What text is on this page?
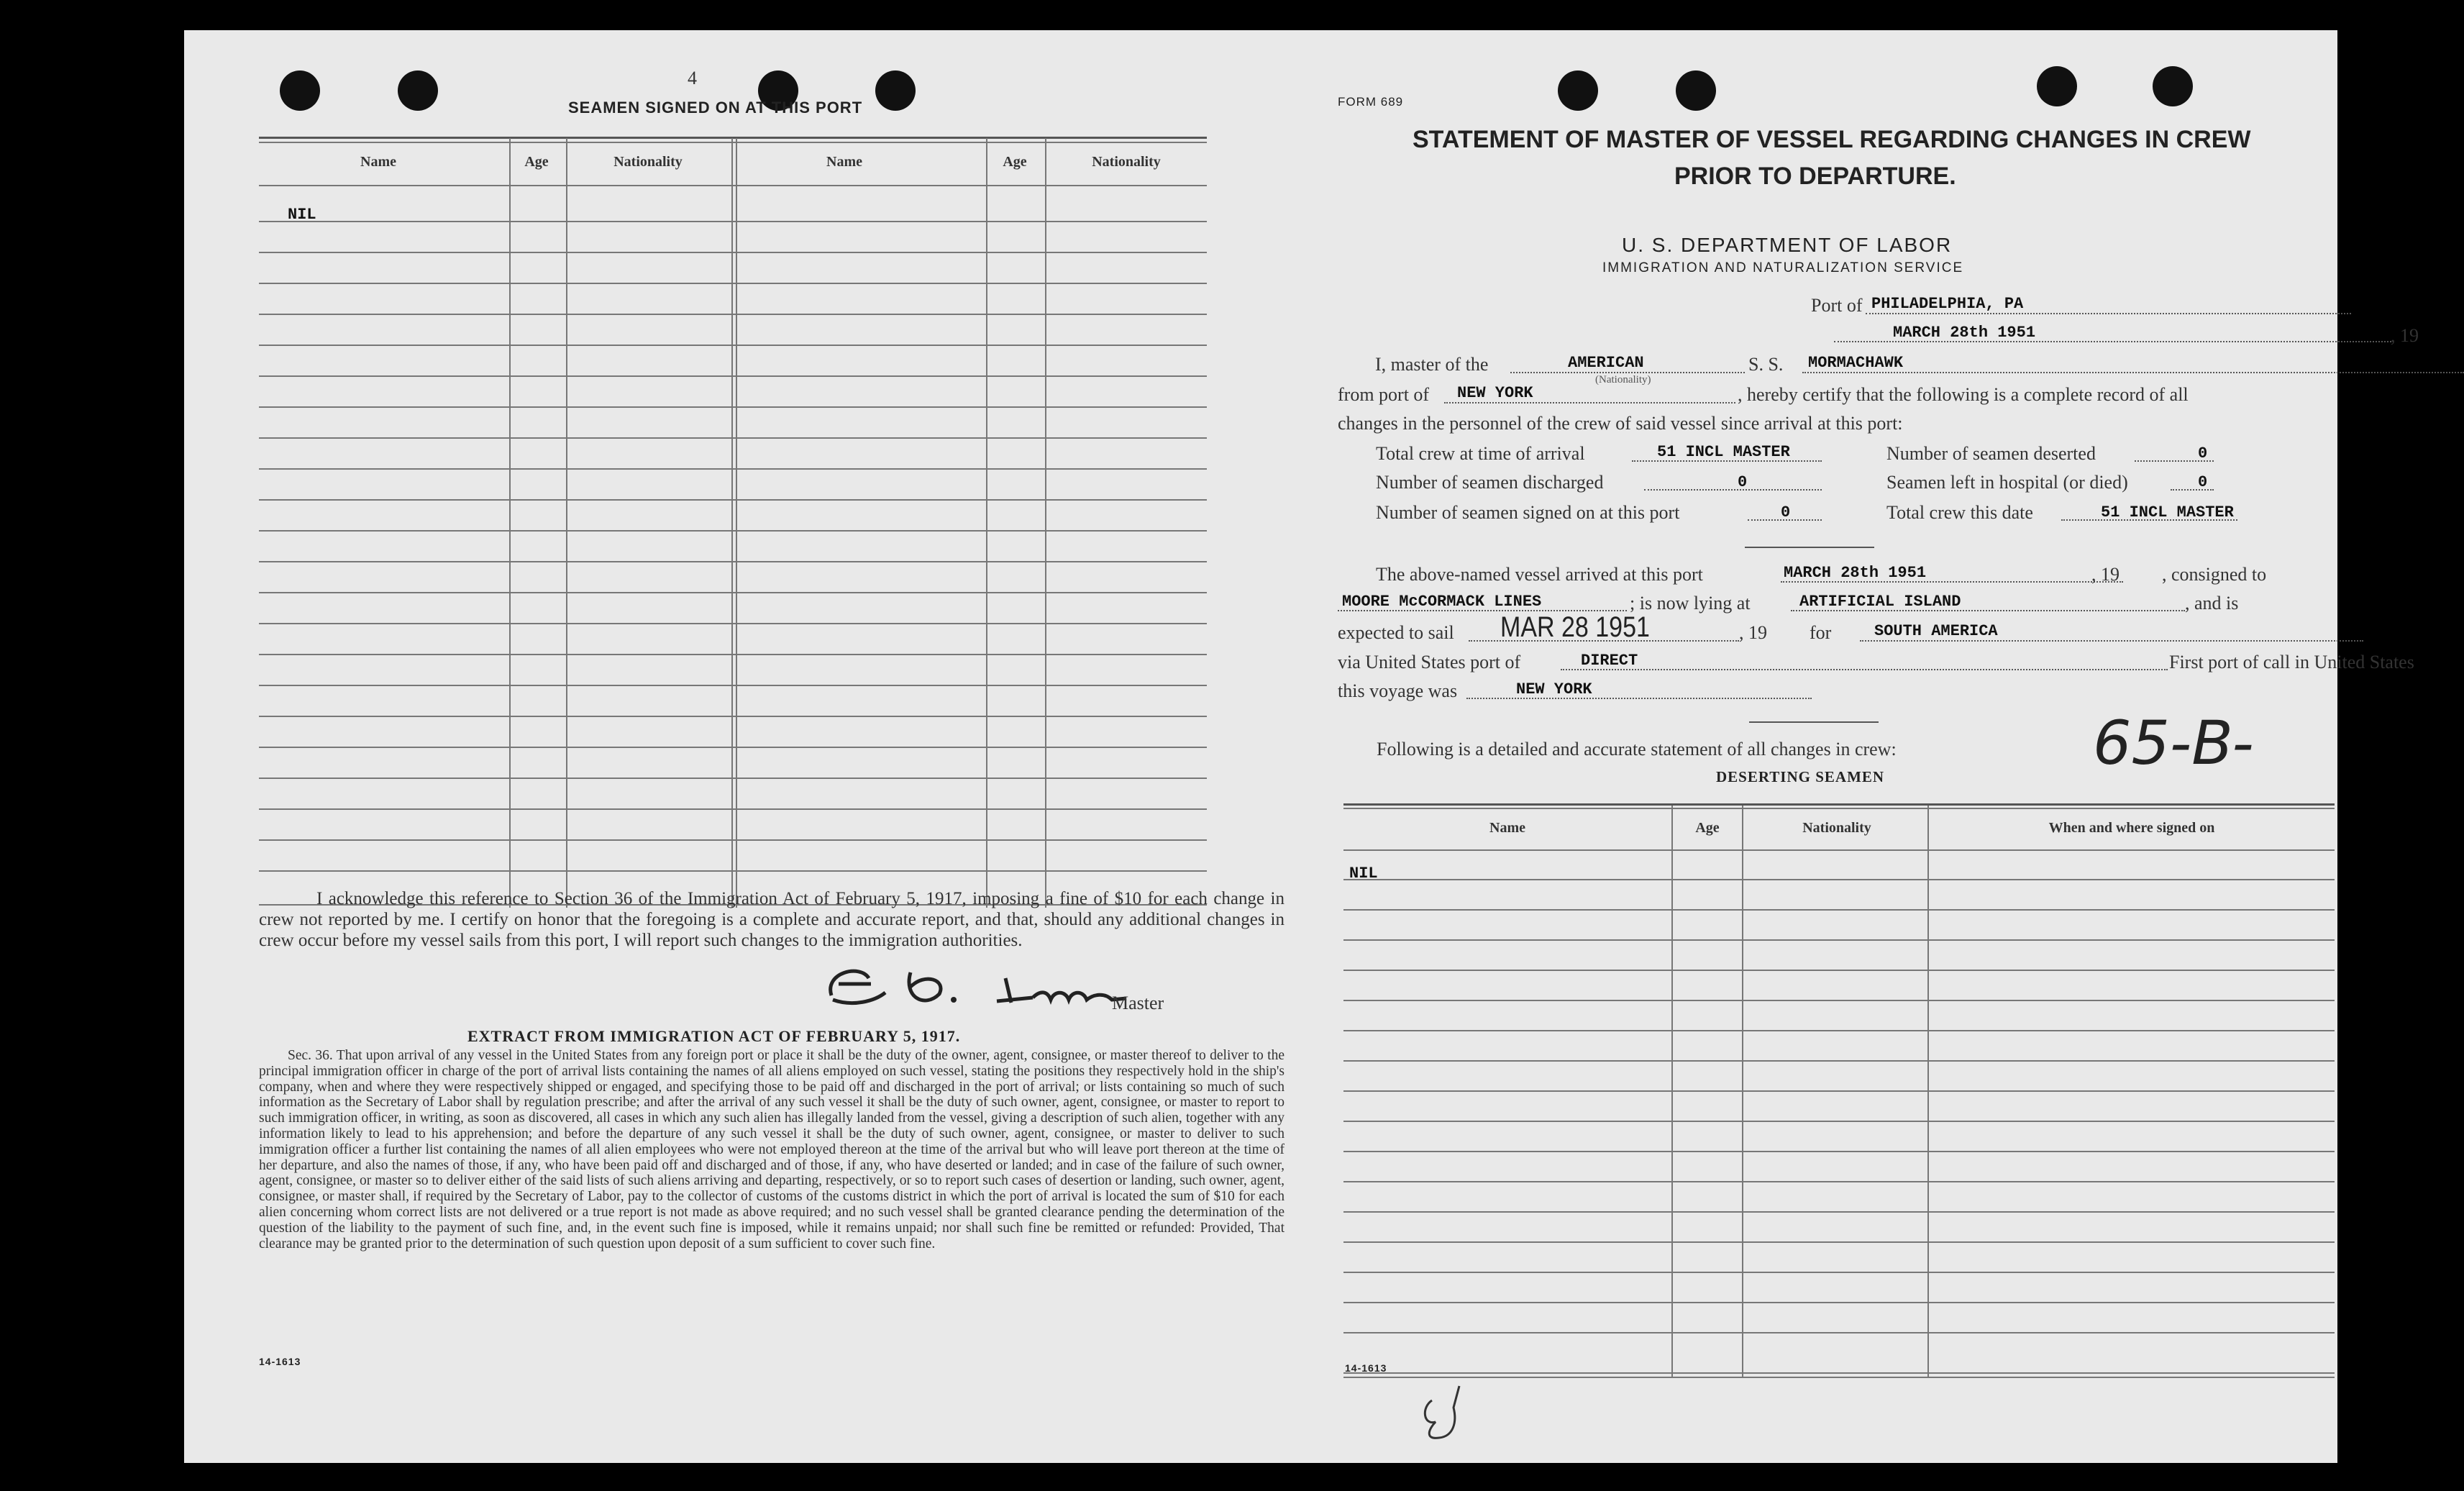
4
SEAMEN SIGNED ON AT THIS PORT
Name	Age	Nationality	Name	Age	Nationality
NIL
I acknowledge this reference to Section 36 of the Immigration Act of February 5, 1917, imposing a fine of $10 for each change in crew not reported by me. I certify on honor that the foregoing is a complete and accurate report, and that, should any additional changes in crew occur before my vessel sails from this port, I will report such changes to the immigration authorities.
Master
EXTRACT FROM IMMIGRATION ACT OF FEBRUARY 5, 1917.
Sec. 36. That upon arrival of any vessel in the United States from any foreign port or place it shall be the duty of the owner, agent, consignee, or master thereof to deliver to the principal immigration officer in charge of the port of arrival lists containing the names of all aliens employed on such vessel, stating the positions they respectively hold in the ship's company, when and where they were respectively shipped or engaged, and specifying those to be paid off and discharged in the port of arrival; or lists containing so much of such information as the Secretary of Labor shall by regulation prescribe; and after the arrival of any such vessel it shall be the duty of such owner, agent, consignee, or master to report to such immigration officer, in writing, as soon as discovered, all cases in which any such alien has illegally landed from the vessel, giving a description of such alien, together with any information likely to lead to his apprehension; and before the departure of any such vessel it shall be the duty of such owner, agent, consignee, or master to deliver to such immigration officer a further list containing the names of all alien employees who were not employed thereon at the time of the arrival but who will leave port thereon at the time of her departure, and also the names of those, if any, who have been paid off and discharged and of those, if any, who have deserted or landed; and in case of the failure of such owner, agent, consignee, or master so to deliver either of the said lists of such aliens arriving and departing, respectively, or so to report such cases of desertion or landing, such owner, agent, consignee, or master shall, if required by the Secretary of Labor, pay to the collector of customs of the customs district in which the port of arrival is located the sum of $10 for each alien concerning whom correct lists are not delivered or a true report is not made as above required; and no such vessel shall be granted clearance pending the determination of the question of the liability to the payment of such fine, and, in the event such fine is imposed, while it remains unpaid; nor shall such fine be remitted or refunded: Provided, That clearance may be granted prior to the determination of such question upon deposit of a sum sufficient to cover such fine.
14-1613
FORM 689
STATEMENT OF MASTER OF VESSEL REGARDING CHANGES IN CREW
PRIOR TO DEPARTURE.
U. S. DEPARTMENT OF LABOR
IMMIGRATION AND NATURALIZATION SERVICE
Port of PHILADELPHIA, PA
MARCH 28th 1951	, 19
I, master of the	AMERICAN
(Nationality)
S. S. MORMACHAWK
from port of NEW YORK	, hereby certify that the following is a complete record of all
changes in the personnel of the crew of said vessel since arrival at this port:
Total crew at time of arrival	51 INCL MASTER	Number of seamen deserted	0
Number of seamen discharged	0	Seamen left in hospital (or died)	0
Number of seamen signed on at this port	0	Total crew this date	51 INCL MASTER
The above-named vessel arrived at this port	MARCH 28th 1951	, 19 , consigned to
MOORE McCORMACK LINES	; is now lying at	ARTIFICIAL ISLAND	, and is
expected to sail MAR 28 1951	, 19 for	SOUTH AMERICA
via United States port of	DIRECT	First port of call in United States
this voyage was	NEW YORK
Following is a detailed and accurate statement of all changes in crew:	65-B-
DESERTING SEAMEN
Name	Age	Nationality	When and where signed on
NIL
14-1613
